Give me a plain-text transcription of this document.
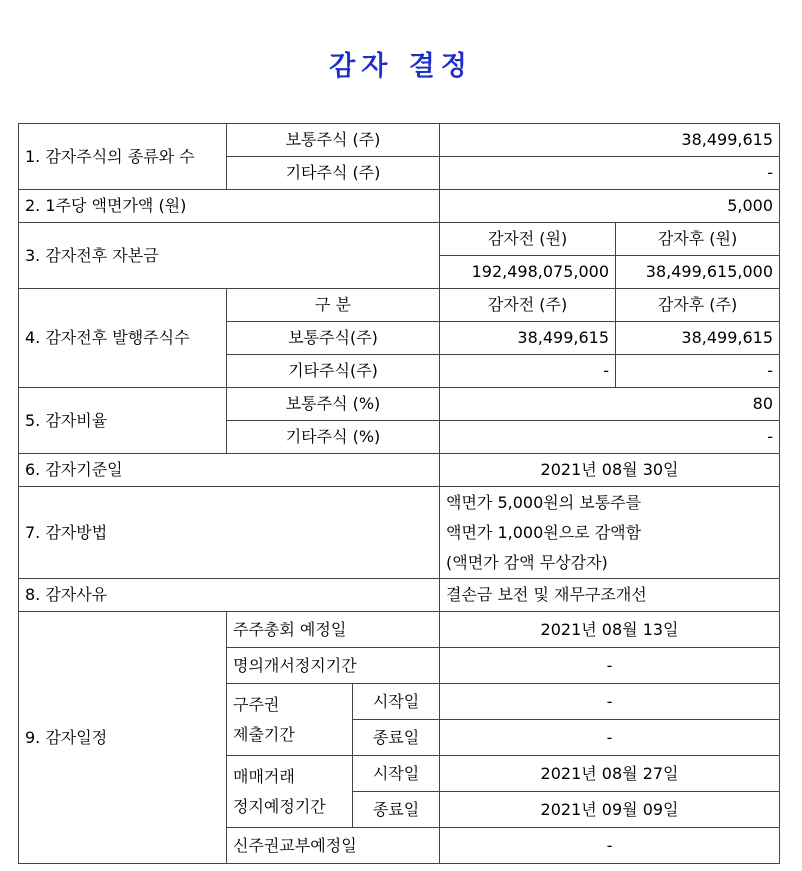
감자 결정
1. 감자주식의 종류와 수	보통주식 (주)		38,499,615	
	기타주식 (주)		-	
2. 1주당 액면가액 (원)			5,000	
3. 감자전후 자본금			감자전 (원)	감자후 (원)
			192,498,075,000	38,499,615,000
4. 감자전후 발행주식수	구 분		감자전 (주)	감자후 (주)
	보통주식(주)		38,499,615	38,499,615
	기타주식(주)		-	-
5. 감자비율	보통주식 (%)		80	
	기타주식 (%)		-	
6. 감자기준일			2021년 08월 30일	
7. 감자방법			액면가 5,000원의 보통주를
액면가 1,000원으로 감액함
(액면가 감액 무상감자)	

8. 감자사유			결손금 보전 및 재무구조개선	
9. 감자일정	주주총회 예정일		2021년 08월 13일	
	명의개서정지기간		-	

	구주권
제출기간	시작일	-	
		종료일	-	

	매매거래
정지예정기간	시작일	2021년 08월 27일	
		종료일	2021년 09월 09일	
	신주권교부예정일		-	
